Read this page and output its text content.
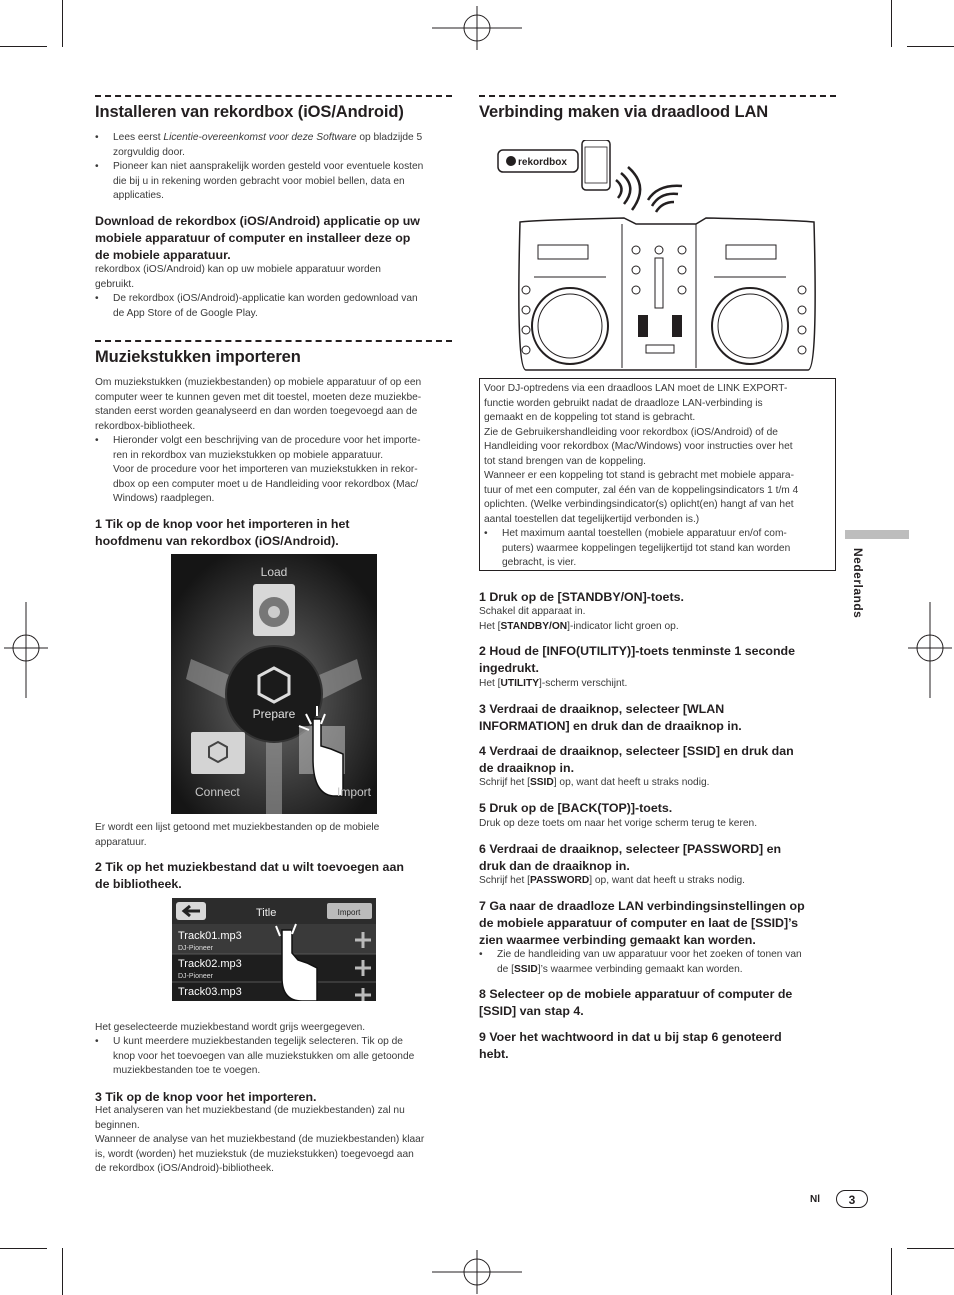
Installeren van rekordbox (iOS/Android)

• Lees eerst Licentie-overeenkomst voor deze Software op bladzijde 5
zorgvuldig door.

• Pioneer kan niet aansprakelijk worden gesteld voor eventuele kosten
die bij u in rekening worden gebracht voor mobiel bellen, data en
applicaties.

Download de rekordbox (iOS/Android) applicatie op uw
mobiele apparatuur of computer en installeer deze op
de mobiele apparatuur.

rekordbox (iOS/Android) kan op uw mobiele apparatuur worden
gebruikt.

• De rekordbox (iOS/Android)-applicatie kan worden gedownload van
de App Store of de Google Play.

Muziekstukken importeren

Om muziekstukken (muziekbestanden) op mobiele apparatuur of op een
computer weer te kunnen geven met dit toestel, moeten deze muziekbe-
standen eerst worden geanalyseerd en dan worden toegevoegd aan de
rekordbox-bibliotheek.

• Hieronder volgt een beschrijving van de procedure voor het importe-
ren in rekordbox van muziekstukken op mobiele apparatuur.
Voor de procedure voor het importeren van muziekstukken in rekor-
dbox op een computer moet u de Handleiding voor rekordbox (Mac/
Windows) raadplegen.

1 Tik op de knop voor het importeren in het
hoofdmenu van rekordbox (iOS/Android).

Load
Prepare
Connect	Import

Er wordt een lijst getoond met muziekbestanden op de mobiele
apparatuur.

2 Tik op het muziekbestand dat u wilt toevoegen aan
de bibliotheek.

Title	Import
Track01.mp3
DJ-Pioneer
Track02.mp3
DJ-Pioneer
Track03.mp3

Het geselecteerde muziekbestand wordt grijs weergegeven.

• U kunt meerdere muziekbestanden tegelijk selecteren. Tik op de
knop voor het toevoegen van alle muziekstukken om alle getoonde
muziekbestanden toe te voegen.

3 Tik op de knop voor het importeren.

Het analyseren van het muziekbestand (de muziekbestanden) zal nu
beginnen.
Wanneer de analyse van het muziekbestand (de muziekbestanden) klaar
is, wordt (worden) het muziekstuk (de muziekstukken) toegevoegd aan
de rekordbox (iOS/Android)-bibliotheek.

Verbinding maken via draadlood LAN
rekordbox

Voor DJ-optredens via een draadloos LAN moet de LINK EXPORT-
functie worden gebruikt nadat de draadloze LAN-verbinding is
gemaakt en de koppeling tot stand is gebracht.
Zie de Gebruikershandleiding voor rekordbox (iOS/Android) of de
Handleiding voor rekordbox (Mac/Windows) voor instructies over het
tot stand brengen van de koppeling.
Wanneer er een koppeling tot stand is gebracht met mobiele appara-
tuur of met een computer, zal één van de koppelingsindicators 1 t/m 4
oplichten. (Welke verbindingsindicator(s) oplicht(en) hangt af van het
aantal toestellen dat tegelijkertijd verbonden is.)

• Het maximum aantal toestellen (mobiele apparatuur en/of com-
puters) waarmee koppelingen tegelijkertijd tot stand kan worden
gebracht, is vier.

1 Druk op de [STANDBY/ON]-toets.

Schakel dit apparaat in.
Het [STANDBY/ON]-indicator licht groen op.

2 Houd de [INFO(UTILITY)]-toets tenminste 1 seconde
ingedrukt.

Het [UTILITY]-scherm verschijnt.

3 Verdraai de draaiknop, selecteer [WLAN
INFORMATION] en druk dan de draaiknop in.

4 Verdraai de draaiknop, selecteer [SSID] en druk dan
de draaiknop in.

Schrijf het [SSID] op, want dat heeft u straks nodig.

5 Druk op de [BACK(TOP)]-toets.

Druk op deze toets om naar het vorige scherm terug te keren.

6 Verdraai de draaiknop, selecteer [PASSWORD] en
druk dan de draaiknop in.

Schrijf het [PASSWORD] op, want dat heeft u straks nodig.

7 Ga naar de draadloze LAN verbindingsinstellingen op
de mobiele apparatuur of computer en laat de [SSID]’s
zien waarmee verbinding gemaakt kan worden.

• Zie de handleiding van uw apparatuur voor het zoeken of tonen van
de [SSID]’s waarmee verbinding gemaakt kan worden.

8 Selecteer op de mobiele apparatuur of computer de
[SSID] van stap 4.

9 Voer het wachtwoord in dat u bij stap 6 genoteerd
hebt.

Nederlands
Nl	3
